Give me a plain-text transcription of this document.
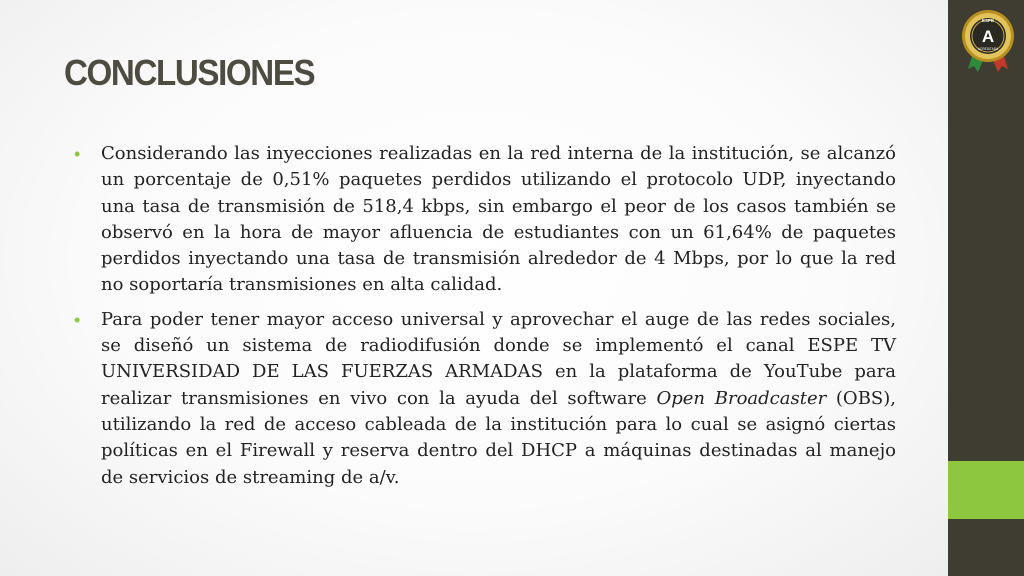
CONCLUSIONES
• Considerando las inyecciones realizadas en la red interna de la institución, se alcanzó un porcentaje de 0,51% paquetes perdidos utilizando el protocolo UDP, inyectando una tasa de transmisión de 518,4 kbps, sin embargo el peor de los casos también se observó en la hora de mayor afluencia de estudiantes con un 61,64% de paquetes perdidos inyectando una tasa de transmisión alrededor de 4 Mbps, por lo que la red no soportaría transmisiones en alta calidad.
• Para poder tener mayor acceso universal y aprovechar el auge de las redes sociales, se diseñó un sistema de radiodifusión donde se implementó el canal ESPE TV UNIVERSIDAD DE LAS FUERZAS ARMADAS en la plataforma de YouTube para realizar transmisiones en vivo con la ayuda del software Open Broadcaster (OBS), utilizando la red de acceso cableada de la institución para lo cual se asignó ciertas políticas en el Firewall y reserva dentro del DHCP a máquinas destinadas al manejo de servicios de streaming de a/v.
ESPE
A
ACREDITADA
